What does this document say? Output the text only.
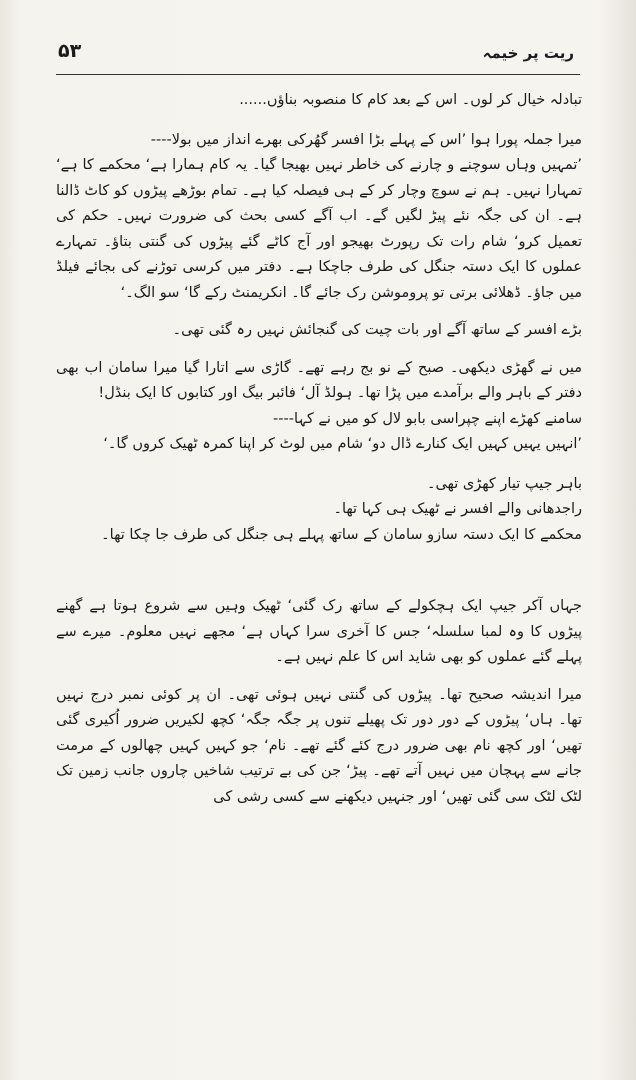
۵۳	ریت پر خیمہ

تبادلہ خیال کر لوں۔ اس کے بعد کام کا منصوبہ بناؤں......

میرا جملہ پورا ہوا ’اس کے پہلے بڑا افسر گھُرکی بھرے انداز میں بولا----

’تمہیں وہاں سوچنے و چارنے کی خاطر نہیں بھیجا گیا۔ یہ کام ہمارا ہے‘ محکمے کا ہے‘ تمہارا نہیں۔ ہم نے سوچ وچار کر کے ہی فیصلہ کیا ہے۔ تمام بوڑھے پیڑوں کو کاٹ ڈالنا ہے۔ ان کی جگہ نئے پیڑ لگیں گے۔ اب آگے کسی بحث کی ضرورت نہیں۔ حکم کی تعمیل کرو‘ شام رات تک رپورٹ بھیجو اور آج کاٹے گئے پیڑوں کی گنتی بتاؤ۔ تمہارے عملوں کا ایک دستہ جنگل کی طرف جاچکا ہے۔ دفتر میں کرسی توڑنے کی بجائے فیلڈ میں جاؤ۔ ڈھلائی برتی تو پروموشن رک جائے گا۔ انکریمنٹ رکے گا‘ سو الگ۔‘

بڑے افسر کے ساتھ آگے اور بات چیت کی گنجائش نہیں رہ گئی تھی۔

میں نے گھڑی دیکھی۔ صبح کے نو بج رہے تھے۔ گاڑی سے اتارا گیا میرا سامان اب بھی دفتر کے باہر والے برآمدے میں پڑا تھا۔ ہولڈ آل‘ فائبر بیگ اور کتابوں کا ایک بنڈل!

سامنے کھڑے اپنے چپراسی بابو لال کو میں نے کہا----

’انہیں یہیں کہیں ایک کنارے ڈال دو‘ شام میں لوٹ کر اپنا کمرہ ٹھیک کروں گا۔‘

باہر جیپ تیار کھڑی تھی۔

راجدھانی والے افسر نے ٹھیک ہی کہا تھا۔

محکمے کا ایک دستہ سازو سامان کے ساتھ پہلے ہی جنگل کی طرف جا چکا تھا۔

جہاں آکر جیپ ایک ہچکولے کے ساتھ رک گئی‘ ٹھیک وہیں سے شروع ہوتا ہے گھنے پیڑوں کا وہ لمبا سلسلہ‘ جس کا آخری سرا کہاں ہے‘ مجھے نہیں معلوم۔ میرے سے پہلے گئے عملوں کو بھی شاید اس کا علم نہیں ہے۔

میرا اندیشہ صحیح تھا۔ پیڑوں کی گنتی نہیں ہوئی تھی۔ ان پر کوئی نمبر درج نہیں تھا۔ ہاں‘ پیڑوں کے دور دور تک پھیلے تنوں پر جگہ جگہ‘ کچھ لکیریں ضرور اُکیری گئی تھیں‘ اور کچھ نام بھی ضرور درج کئے گئے تھے۔ نام‘ جو کہیں کہیں چھالوں کے مرمت جانے سے پہچان میں نہیں آتے تھے۔ پیڑ‘ جن کی بے ترتیب شاخیں چاروں جانب زمین تک لٹک لٹک سی گئی تھیں‘ اور جنہیں دیکھنے سے کسی رشی کی
